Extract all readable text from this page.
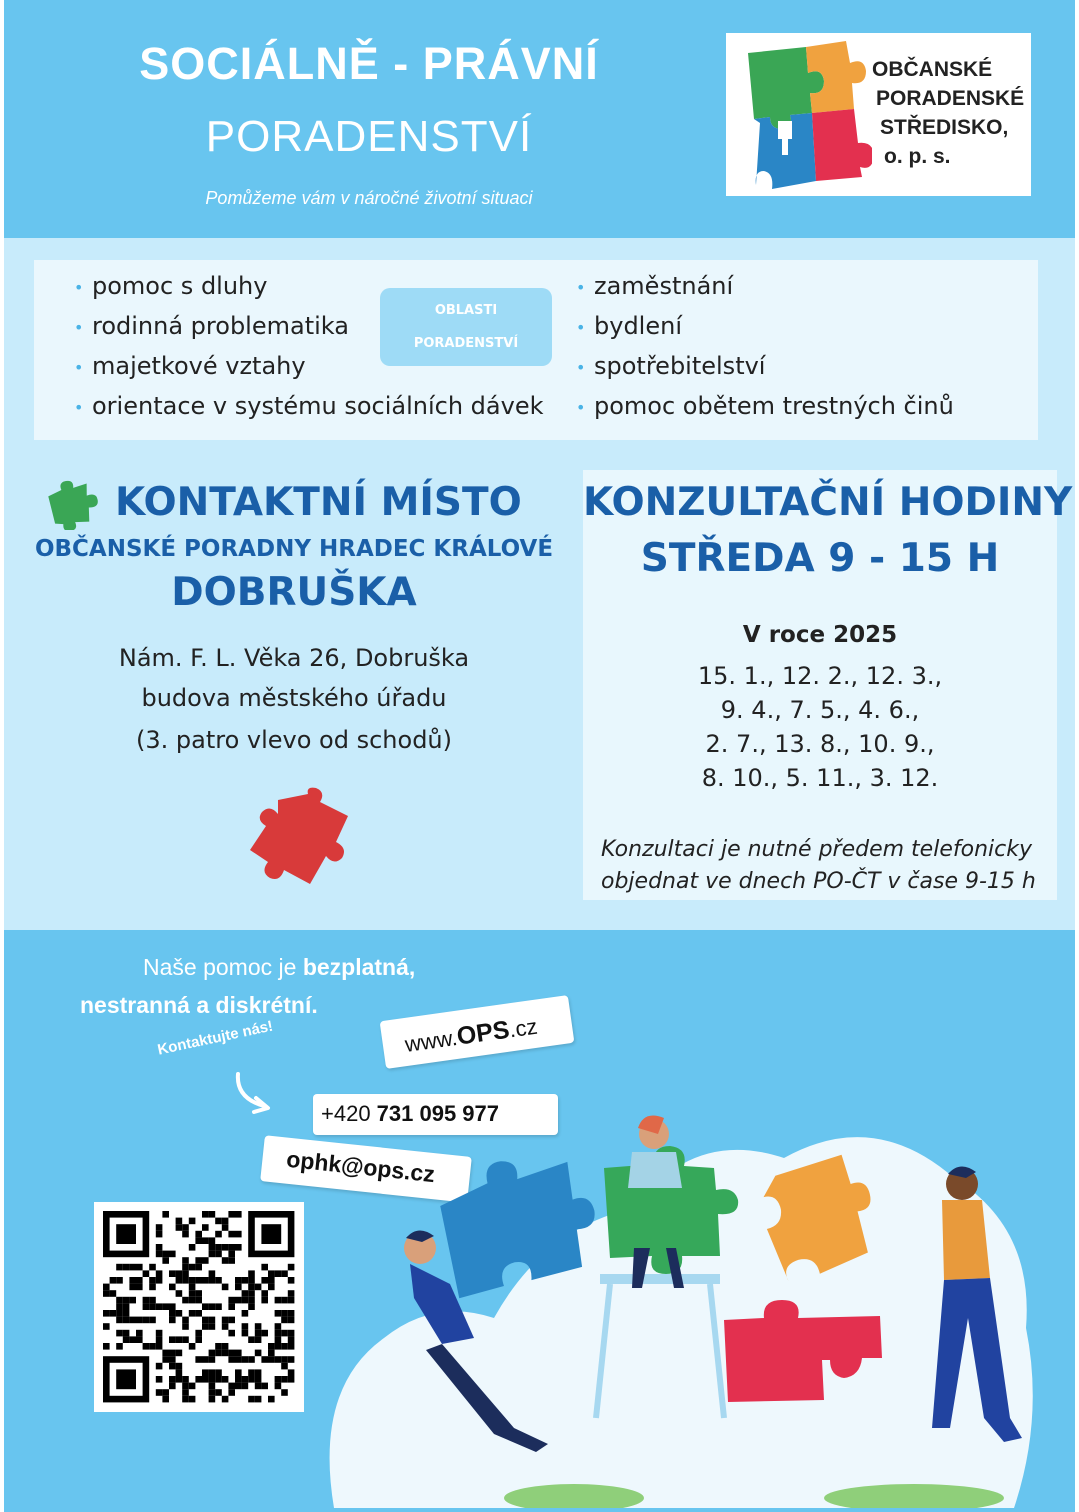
SOCIÁLNĚ - PRÁVNÍ
PORADENSTVÍ
Pomůžeme vám v náročné životní situaci
OBČANSKÉ
PORADENSKÉ
STŘEDISKO,
o. p. s.
• pomoc s dluhy
• rodinná problematika
• majetkové vztahy
• orientace v systému sociálních dávek
OBLASTI
PORADENSTVÍ
• zaměstnání
• bydlení
• spotřebitelství
• pomoc obětem trestných činů
KONTAKTNÍ MÍSTO
OBČANSKÉ PORADNY HRADEC KRÁLOVÉ
DOBRUŠKA
Nám. F. L. Věka 26, Dobruška
budova městského úřadu
(3. patro vlevo od schodů)
KONZULTAČNÍ HODINY
STŘEDA 9 - 15 H
V roce 2025
15. 1., 12. 2., 12. 3.,
9. 4., 7. 5., 4. 6.,
2. 7., 13. 8., 10. 9.,
8. 10., 5. 11., 3. 12.
Konzultaci je nutné předem telefonicky
objednat ve dnech PO-ČT v čase 9-15 h
Naše pomoc je bezplatná,
nestranná a diskrétní.
Kontaktujte nás!	www.OPS.cz
+420 731 095 977
ophk@ops.cz
